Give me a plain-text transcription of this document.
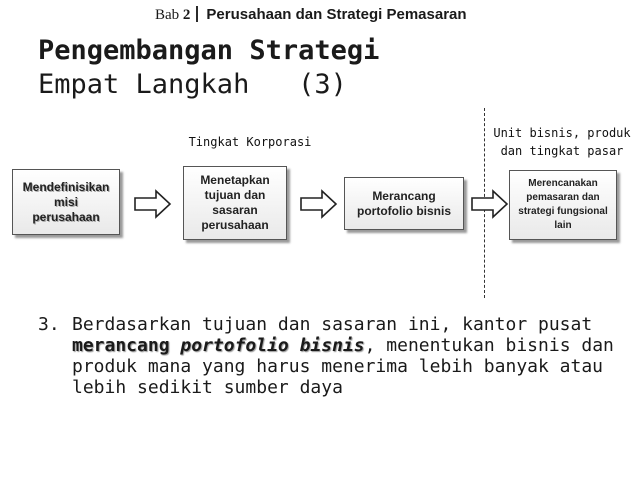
Bab 2 Perusahaan dan Strategi Pemasaran
Pengembangan Strategi
Empat Langkah   (3)
Tingkat Korporasi
Unit bisnis, produk
dan tingkat pasar
Mendefinisikan
misi
perusahaan
Menetapkan
tujuan dan
sasaran
perusahaan
Merancang
portofolio bisnis
Merencanakan
pemasaran dan
strategi fungsional
lain
3. Berdasarkan tujuan dan sasaran ini, kantor pusat merancang portofolio bisnis, menentukan bisnis dan produk mana yang harus menerima lebih banyak atau lebih sedikit sumber daya
